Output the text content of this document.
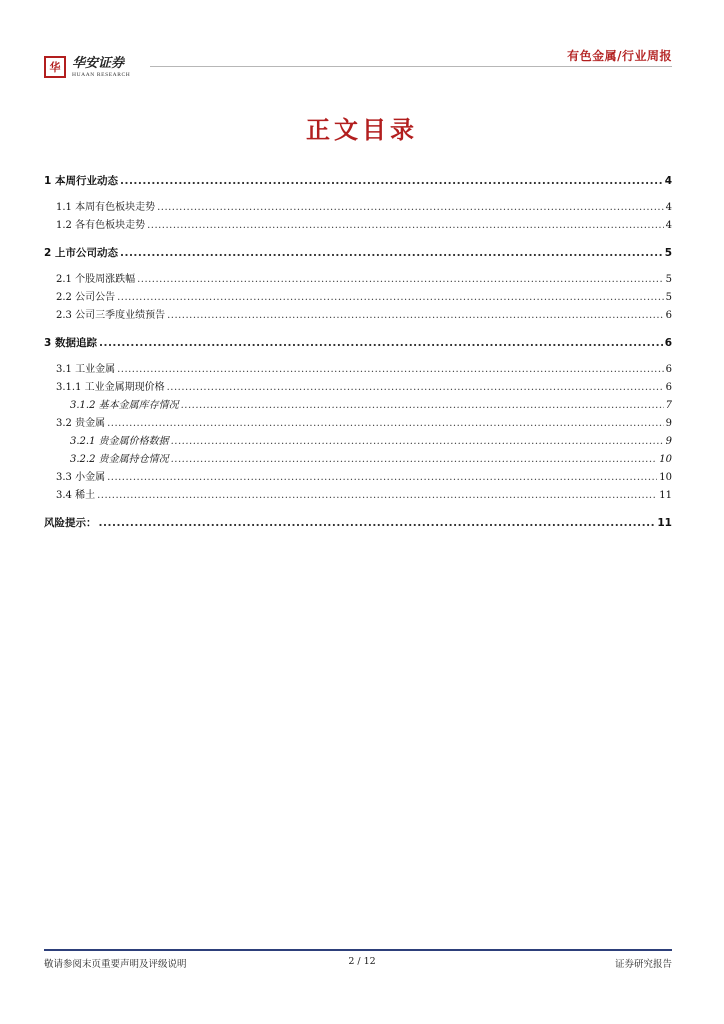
有色金属/行业周报
华 华安证券
HUAAN RESEARCH
正文目录
1 本周行业动态 .....	4
1.1 本周有色板块走势 .....	4
1.2 各有色板块走势 .....	4
2 上市公司动态 .....	5
2.1 个股周涨跌幅 .....	5
2.2 公司公告 .....	5
2.3 公司三季度业绩预告 .....	6
3 数据追踪 .....	6
3.1 工业金属 .....	6
3.1.1 工业金属期现价格 .....	6
3.1.2 基本金属库存情况 .....	7
3.2 贵金属 .....	9
3.2.1 贵金属价格数据 .....	9
3.2.2 贵金属持仓情况 .....	10
3.3 小金属 .....	10
3.4 稀土 .....	11
风险提示： .....	11
敬请参阅末页重要声明及评级说明	2 / 12	证券研究报告
